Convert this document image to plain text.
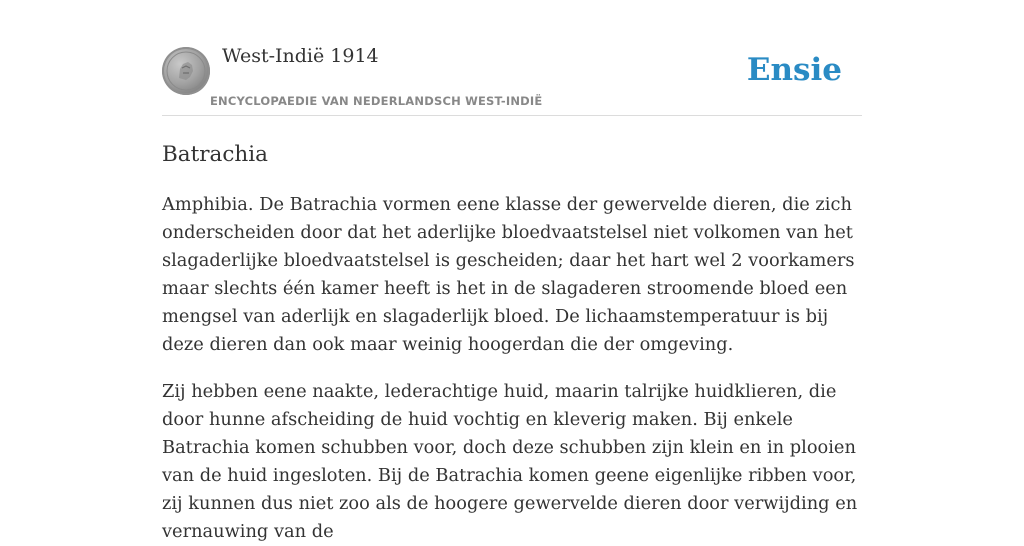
West-Indië 1914
ENCYCLOPAEDIE VAN NEDERLANDSCH WEST-INDIË
Ensie
Batrachia

Amphibia. De Batrachia vormen eene klasse der gewervelde dieren, die zich onderscheiden door dat het aderlijke bloedvaatstelsel niet volkomen van het slagaderlijke bloedvaatstelsel is gescheiden; daar het hart wel 2 voorkamers maar slechts één kamer heeft is het in de slagaderen stroomende bloed een mengsel van aderlijk en slagaderlijk bloed. De lichaamstemperatuur is bij deze dieren dan ook maar weinig hoogerdan die der omgeving.

Zij hebben eene naakte, lederachtige huid, maarin talrijke huidklieren, die door hunne afscheiding de huid vochtig en kleverig maken. Bij enkele Batrachia komen schubben voor, doch deze schubben zijn klein en in plooien van de huid ingesloten. Bij de Batrachia komen geene eigenlijke ribben voor, zij kunnen dus niet zoo als de hoogere gewervelde dieren door verwijding en vernauwing van de
